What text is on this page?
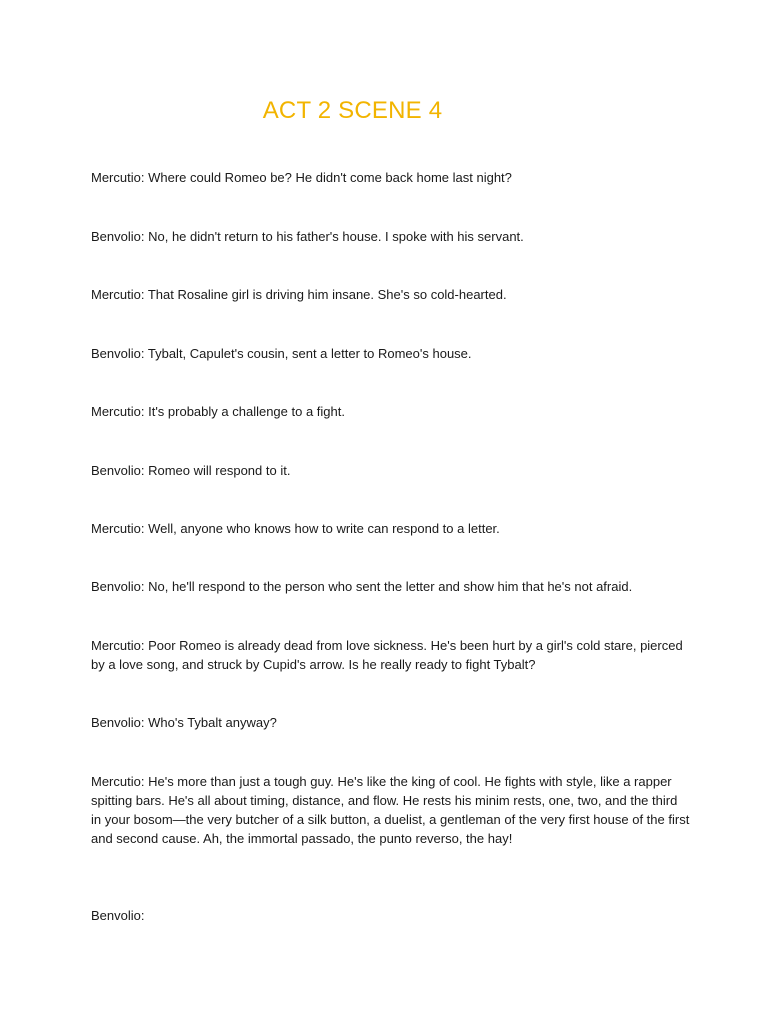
ACT 2 SCENE 4

Mercutio: Where could Romeo be? He didn't come back home last night?

Benvolio: No, he didn't return to his father's house. I spoke with his servant.

Mercutio: That Rosaline girl is driving him insane. She's so cold-hearted.

Benvolio: Tybalt, Capulet's cousin, sent a letter to Romeo's house.

Mercutio: It's probably a challenge to a fight.

Benvolio: Romeo will respond to it.

Mercutio: Well, anyone who knows how to write can respond to a letter.

Benvolio: No, he'll respond to the person who sent the letter and show him that he's not afraid.

Mercutio: Poor Romeo is already dead from love sickness. He's been hurt by a girl's cold stare, pierced by a love song, and struck by Cupid's arrow. Is he really ready to fight Tybalt?

Benvolio: Who's Tybalt anyway?

Mercutio: He's more than just a tough guy. He's like the king of cool. He fights with style, like a rapper spitting bars. He's all about timing, distance, and flow. He rests his minim rests, one, two, and the third in your bosom—the very butcher of a silk button, a duelist, a gentleman of the very first house of the first and second cause. Ah, the immortal passado, the punto reverso, the hay!

Benvolio:
